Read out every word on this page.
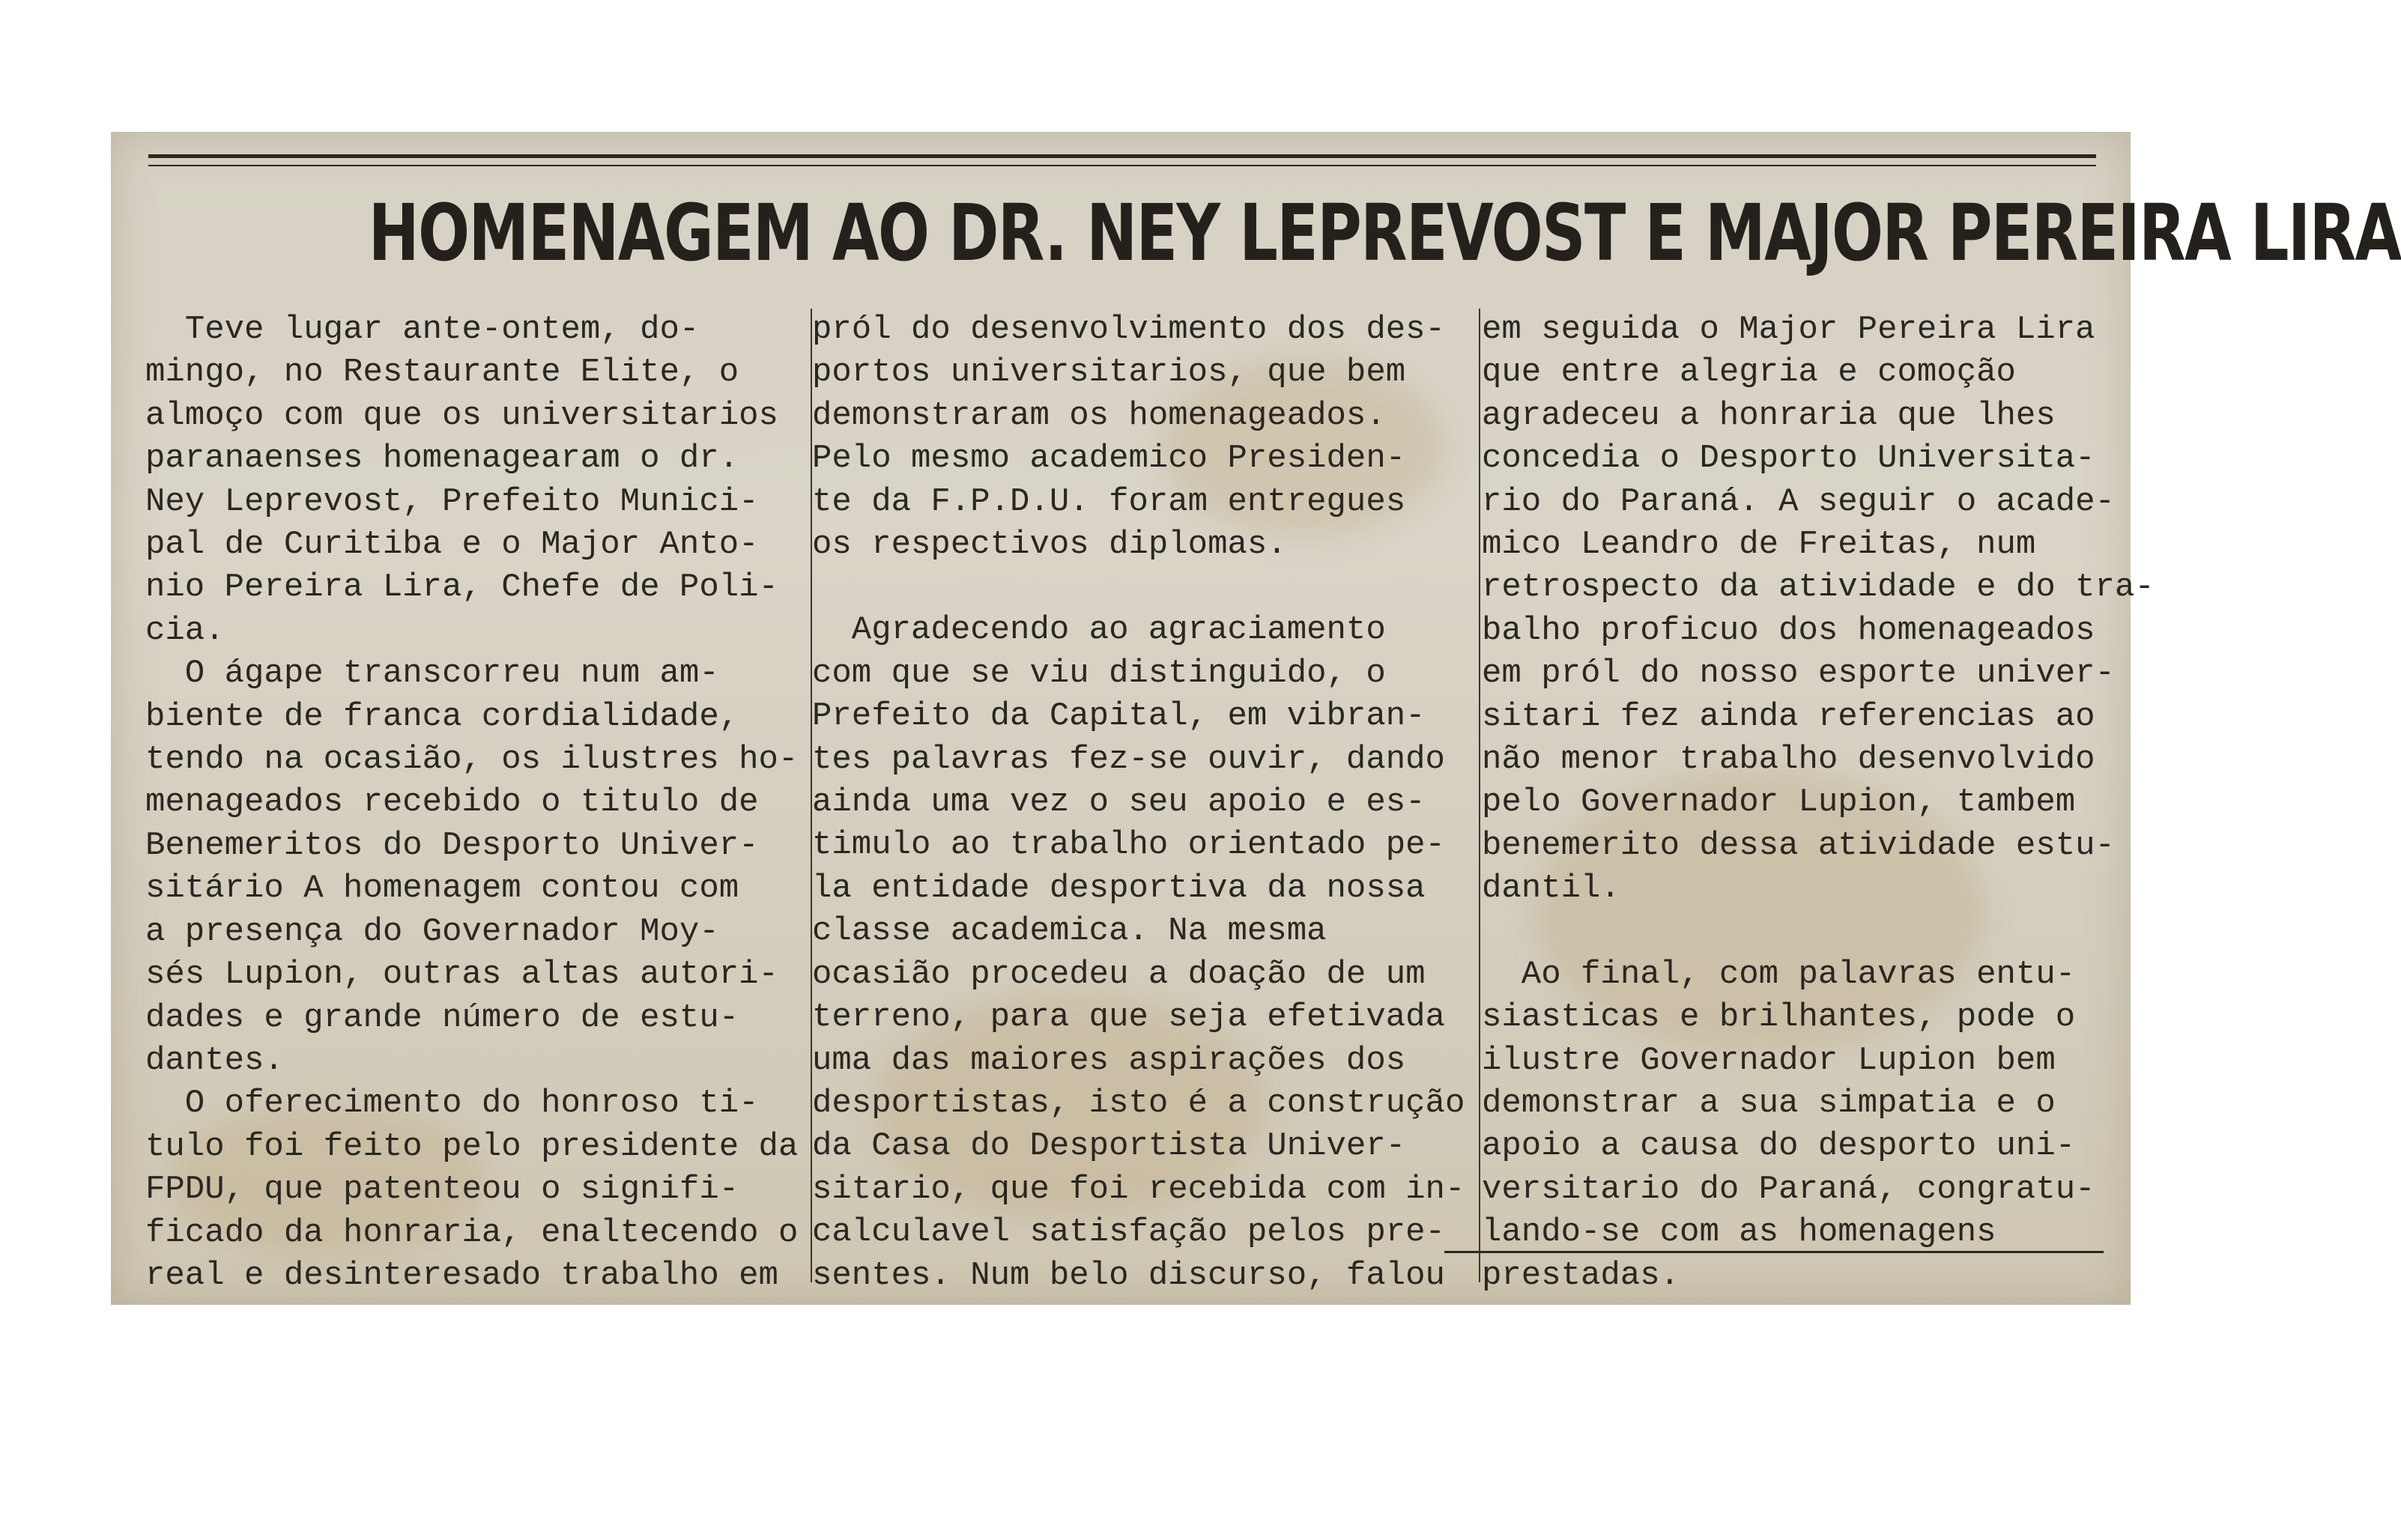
HOMENAGEM AO DR. NEY LEPREVOST E MAJOR PEREIRA LIRA

Teve lugar ante-ontem, do-
mingo, no Restaurante Elite, o
almoço com que os universitarios
paranaenses homenagearam o dr.
Ney Leprevost, Prefeito Munici-
pal de Curitiba e o Major Anto-
nio Pereira Lira, Chefe de Poli-
cia.

O ágape transcorreu num am-
biente de franca cordialidade,
tendo na ocasião, os ilustres ho-
menageados recebido o titulo de
Benemeritos do Desporto Univer-
sitário A homenagem contou com
a presença do Governador Moy-
sés Lupion, outras altas autori-
dades e grande número de estu-
dantes.

O oferecimento do honroso ti-
tulo foi feito pelo presidente da
FPDU, que patenteou o signifi-
ficado da honraria, enaltecendo o
real e desinteresado trabalho em

pról do desenvolvimento dos des-
portos universitarios, que bem
demonstraram os homenageados.
Pelo mesmo academico Presiden-
te da F.P.D.U. foram entregues
os respectivos diplomas.

Agradecendo ao agraciamento
com que se viu distinguido, o
Prefeito da Capital, em vibran-
tes palavras fez-se ouvir, dando
ainda uma vez o seu apoio e es-
timulo ao trabalho orientado pe-
la entidade desportiva da nossa
classe academica. Na mesma
ocasião procedeu a doação de um
terreno, para que seja efetivada
uma das maiores aspirações dos
desportistas, isto é a construção
da Casa do Desportista Univer-
sitario, que foi recebida com in-
calculavel satisfação pelos pre-
sentes. Num belo discurso, falou

em seguida o Major Pereira Lira
que entre alegria e comoção
agradeceu a honraria que lhes
concedia o Desporto Universita-
rio do Paraná. A seguir o acade-
mico Leandro de Freitas, num
retrospecto da atividade e do tra-
balho proficuo dos homenageados
em pról do nosso esporte univer-
sitari fez ainda referencias ao
não menor trabalho desenvolvido
pelo Governador Lupion, tambem
benemerito dessa atividade estu-
dantil.

Ao final, com palavras entu-
siasticas e brilhantes, pode o
ilustre Governador Lupion bem
demonstrar a sua simpatia e o
apoio a causa do desporto uni-
versitario do Paraná, congratu-
lando-se com as homenagens
prestadas.
